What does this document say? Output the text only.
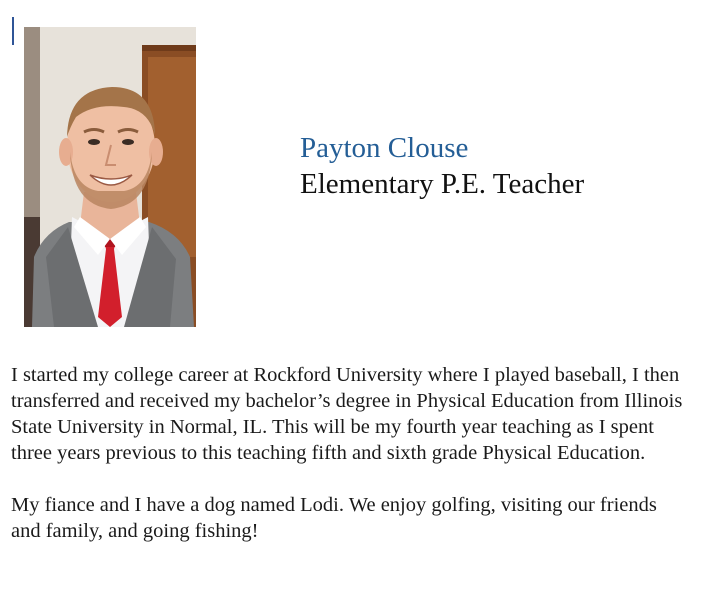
Payton Clouse
Elementary P.E. Teacher

I started my college career at Rockford University where I played baseball, I then transferred and received my bachelor’s degree in Physical Education from Illinois State University in Normal, IL. This will be my fourth year teaching as I spent three years previous to this teaching fifth and sixth grade Physical Education.

My fiance and I have a dog named Lodi. We enjoy golfing, visiting our friends and family, and going fishing!
